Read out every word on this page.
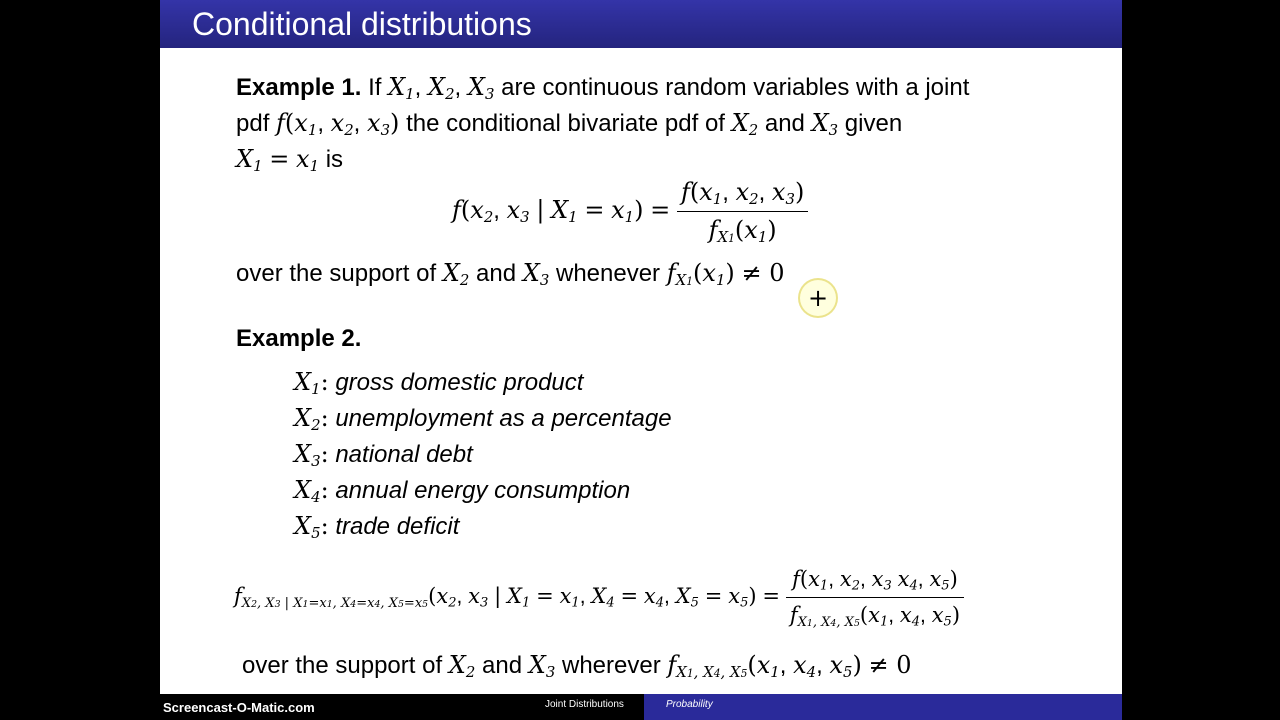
Conditional distributions
Example 1. If $X_1$, $X_2$, $X_3$ are continuous random variables with a joint
pdf $f(x_1$, $x_2$, $x_3$) the conditional bivariate pdf of $X_2$ and $X_3$ given
$X_1 = x_1$ is
$f(x_2$, $x_3$ | $X_1 = x_1) = \frac{f(x_1, x_2, x_3)}{f_{X1}(x_1)}$
over the support of $X_2$ and $X_3$ whenever $f_{X1}(x_1) \ne 0$
Example 2.
$X_1$: gross domestic product
$X_2$: unemployment as a percentage
$X_3$: national debt
$X_4$: annual energy consumption
$X_5$: trade deficit
$f_{X2, X3 | X1=x1, X4=x4, X5=x5}(x_2$, $x_3$ | $X_1 = x_1$, $X_4 = x_4$, $X_5 = x_5) = \frac{f(x_1, x_2, x_3 x_4, x_5)}{f_{X1, X4, X5}(x_1, x_4, x_5)}$
over the support of $X_2$ and $X_3$ wherever $f_{X1, X4, X5}(x_1$, $x_4$, $x_5) \ne 0$
+
Joint Distributions	Probability
Screencast-O-Matic.com
